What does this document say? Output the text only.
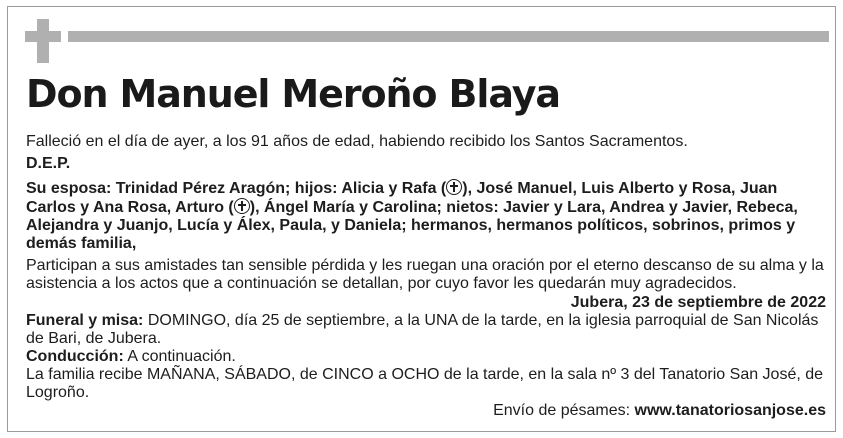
Don Manuel Meroño Blaya

Falleció en el día de ayer, a los 91 años de edad, habiendo recibido los Santos Sacramentos.

D.E.P.

Su esposa: Trinidad Pérez Aragón; hijos: Alicia y Rafa ( ), José Manuel, Luis Alberto y Rosa, Juan Carlos y Ana Rosa, Arturo ( ), Ángel María y Carolina; nietos: Javier y Lara, Andrea y Javier, Rebeca, Alejandra y Juanjo, Lucía y Álex, Paula, y Daniela; hermanos, hermanos políticos, sobrinos, primos y demás familia,

Participan a sus amistades tan sensible pérdida y les ruegan una oración por el eterno descanso de su alma y la asistencia a los actos que a continuación se detallan, por cuyo favor les quedarán muy agradecidos.

Jubera, 23 de septiembre de 2022

Funeral y misa: DOMINGO, día 25 de septiembre, a la UNA de la tarde, en la iglesia parroquial de San Nicolás de Bari, de Jubera.

Conducción: A continuación.

La familia recibe MAÑANA, SÁBADO, de CINCO a OCHO de la tarde, en la sala nº 3 del Tanatorio San José, de Logroño.

Envío de pésames: www.tanatoriosanjose.es
